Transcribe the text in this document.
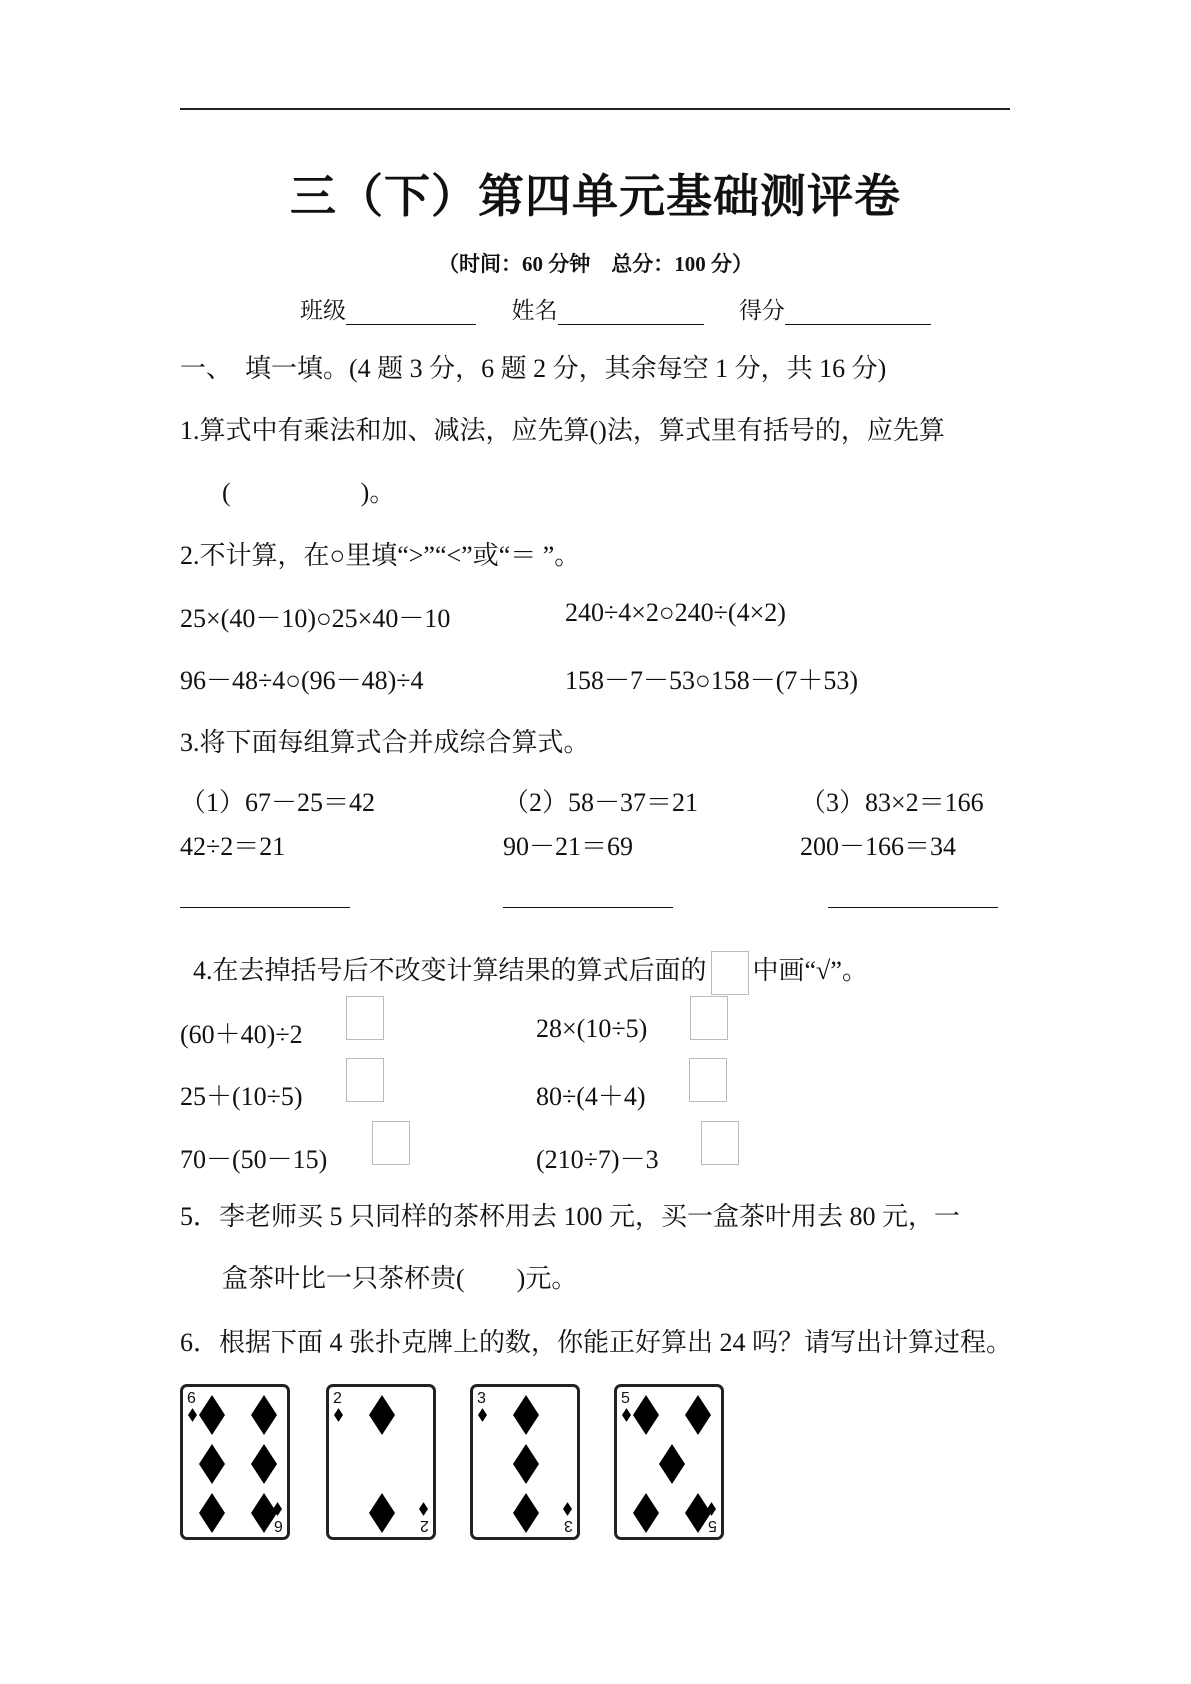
三（下）第四单元基础测评卷
（时间：60 分钟　总分：100 分）
班级	姓名	得分
一、　填一填。(4 题 3 分，6 题 2 分，其余每空 1 分，共 16 分)
1.算式中有乘法和加、减法，应先算()法，算式里有括号的，应先算
(	)。
2.不计算，在○里填“>”“<”或“＝ ”。
25×(40－10)○25×40－10	240÷4×2○240÷(4×2)
96－48÷4○(96－48)÷4	158－7－53○158－(7＋53)
3.将下面每组算式合并成综合算式。
（1）67－25＝42
42÷2＝21
（2）58－37＝21
90－21＝69
（3）83×2＝166
200－166＝34
4.在去掉括号后不改变计算结果的算式后面的 中画“√”。
(60＋40)÷2	28×(10÷5)
25＋(10÷5)	80÷(4＋4)
70－(50－15)	(210÷7)－3
5．李老师买 5 只同样的茶杯用去 100 元，买一盒茶叶用去 80 元，一
盒茶叶比一只茶杯贵(　　)元。
6．根据下面 4 张扑克牌上的数，你能正好算出 24 吗？请写出计算过程。
6
6
2
2
3
3
5
5
